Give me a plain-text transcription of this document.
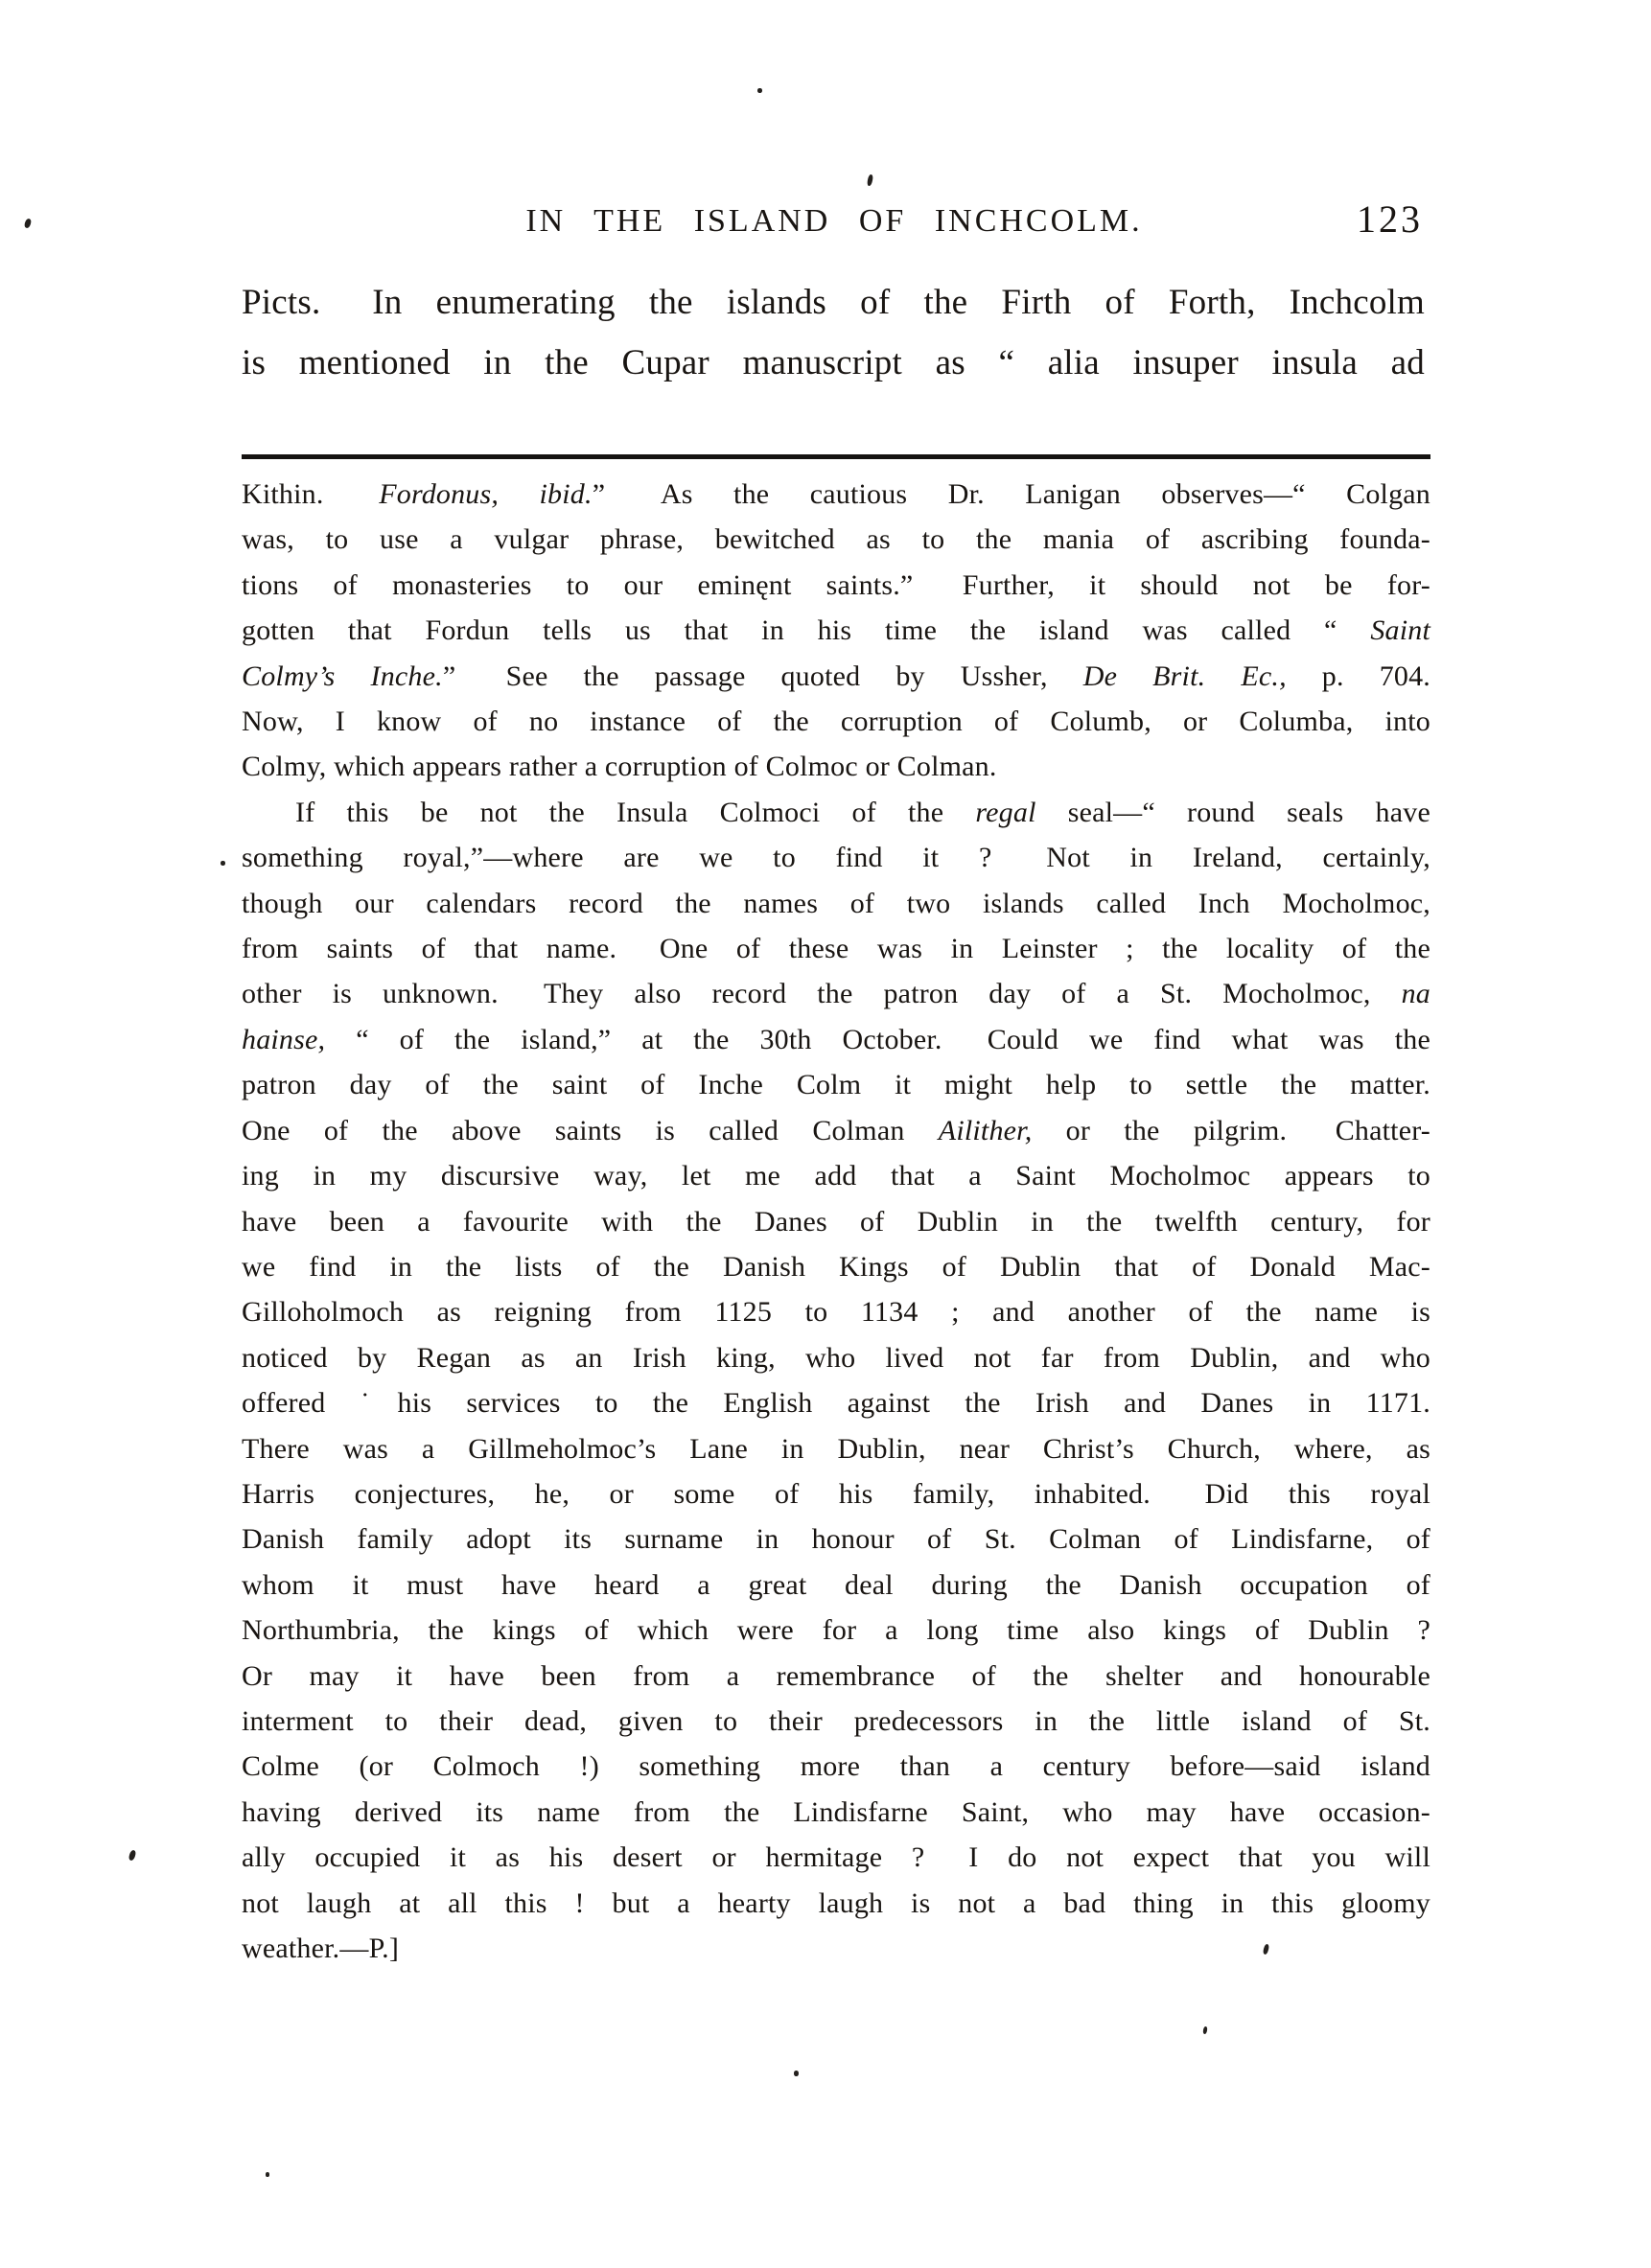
IN THE ISLAND OF INCHCOLM.	123
Picts.  In enumerating the islands of the Firth of Forth, Inchcolm
is mentioned in the Cupar manuscript as “ alia insuper insula ad
Kithin.  Fordonus, ibid.”  As the cautious Dr. Lanigan observes—“ Colgan
was, to use a vulgar phrase, bewitched as to the mania of ascribing founda-
tions of monasteries to our eminęnt saints.”  Further, it should not be for-
gotten that Fordun tells us that in his time the island was called “ Saint
Colmy’s Inche.”  See the passage quoted by Ussher, De Brit. Ec., p. 704.
Now, I know of no instance of the corruption of Columb, or Columba, into
Colmy, which appears rather a corruption of Colmoc or Colman.
If this be not the Insula Colmoci of the regal seal—“ round seals have
something royal,”—where are we to find it ?  Not in Ireland, certainly,
though our calendars record the names of two islands called Inch Mocholmoc,
from saints of that name.  One of these was in Leinster ; the locality of the
other is unknown.  They also record the patron day of a St. Mocholmoc, na
hainse, “ of the island,” at the 30th October.  Could we find what was the
patron day of the saint of Inche Colm it might help to settle the matter.
One of the above saints is called Colman Ailither, or the pilgrim.  Chatter-
ing in my discursive way, let me add that a Saint Mocholmoc appears to
have been a favourite with the Danes of Dublin in the twelfth century, for
we find in the lists of the Danish Kings of Dublin that of Donald Mac-
Gilloholmoch as reigning from 1125 to 1134 ; and another of the name is
noticed by Regan as an Irish king, who lived not far from Dublin, and who
offered ˙his services to the English against the Irish and Danes in 1171.
There was a Gillmeholmoc’s Lane in Dublin, near Christ’s Church, where, as
Harris conjectures, he, or some of his family, inhabited.  Did this royal
Danish family adopt its surname in honour of St. Colman of Lindisfarne, of
whom it must have heard a great deal during the Danish occupation of
Northumbria, the kings of which were for a long time also kings of Dublin ?
Or may it have been from a remembrance of the shelter and honourable
interment to their dead, given to their predecessors in the little island of St.
Colme (or Colmoch !) something more than a century before—said island
having derived its name from the Lindisfarne Saint, who may have occasion-
ally occupied it as his desert or hermitage ?  I do not expect that you will
not laugh at all this ! but a hearty laugh is not a bad thing in this gloomy
weather.—P.]
